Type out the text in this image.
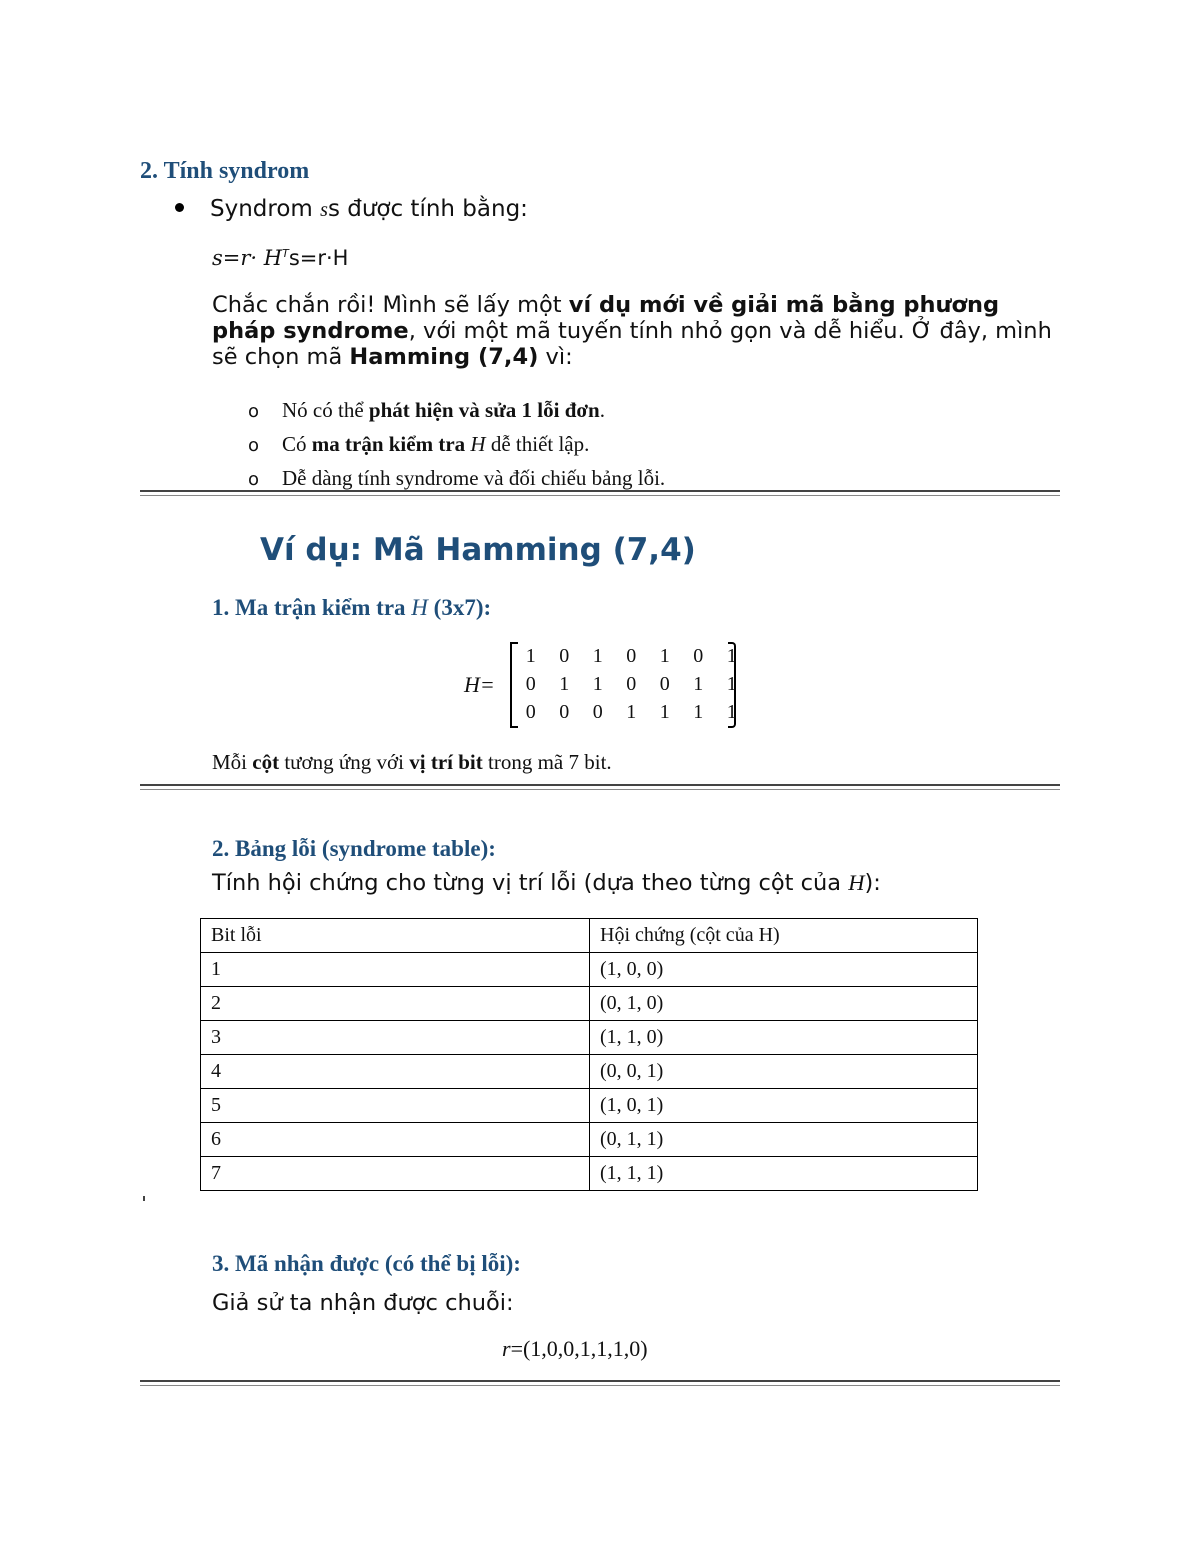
2. Tính syndrom
Syndrom ss được tính bằng:
$s=r\cdot H^Ts=r\cdot H$
Chắc chắn rồi! Mình sẽ lấy một ví dụ mới về giải mã bằng phương pháp syndrome, với một mã tuyến tính nhỏ gọn và dễ hiểu. Ở đây, mình sẽ chọn mã Hamming (7,4) vì:
o Nó có thể phát hiện và sửa 1 lỗi đơn.
o Có ma trận kiểm tra H dễ thiết lập.
o Dễ dàng tính syndrome và đối chiếu bảng lỗi.
Ví dụ: Mã Hamming (7,4)
1. Ma trận kiểm tra H (3x7):
H=
1	0	1	0	1	0	1
0	1	1	0	0	1	1
0	0	0	1	1	1	1
Mỗi cột tương ứng với vị trí bit trong mã 7 bit.
2. Bảng lỗi (syndrome table):
Tính hội chứng cho từng vị trí lỗi (dựa theo từng cột của H):
Bit lỗi	Hội chứng (cột của H)
1	(1, 0, 0)
2	(0, 1, 0)
3	(1, 1, 0)
4	(0, 0, 1)
5	(1, 0, 1)
6	(0, 1, 1)
7	(1, 1, 1)
3. Mã nhận được (có thể bị lỗi):
Giả sử ta nhận được chuỗi:
r=(1,0,0,1,1,1,0)
